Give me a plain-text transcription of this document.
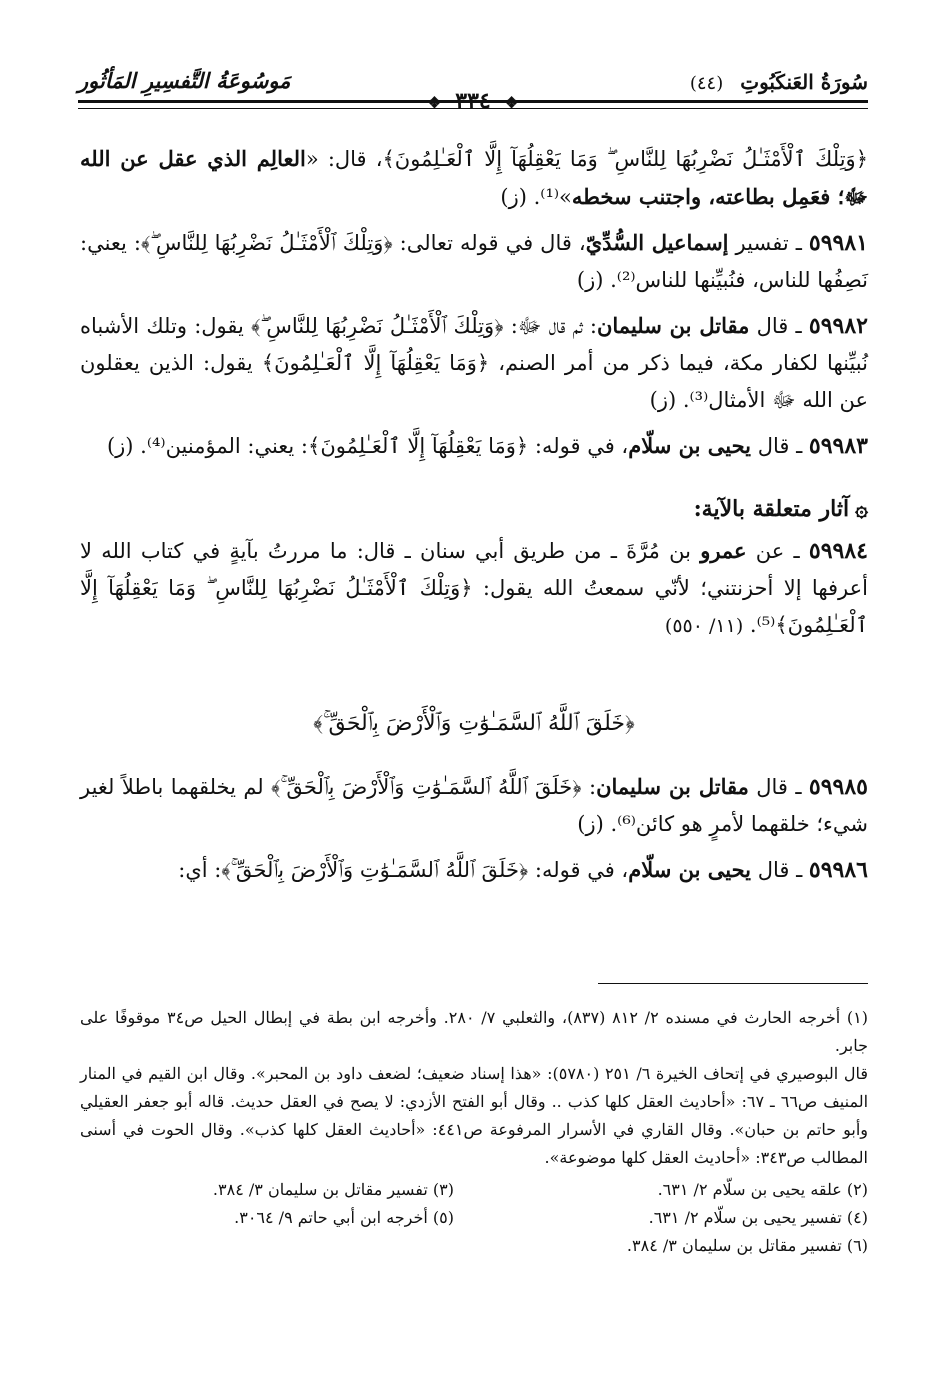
سُورَةُ العَنكَبُوتِ (٤٤)
❖ ٣٣٤ ❖
مَوسُوعَةُ التَّفسِيرِ المَأثُور

﴿وَتِلْكَ ٱلْأَمْثَـٰلُ نَضْرِبُهَا لِلنَّاسِ ۖ وَمَا يَعْقِلُهَآ إِلَّا ٱلْعَـٰلِمُونَ﴾، قال: «العالِم الذي عقل عن الله ﷻ؛ فعَمِل بطاعته، واجتنب سخطه»⁽¹⁾. (ز)

٥٩٩٨١ ـ تفسير إسماعيل السُّدِّيّ، قال في قوله تعالى: ﴿وَتِلْكَ ٱلْأَمْثَـٰلُ نَضْرِبُهَا لِلنَّاسِ ۖ﴾: يعني: نَصِفُها للناس، فنُبيِّنها للناس⁽²⁾. (ز)

٥٩٩٨٢ ـ قال مقاتل بن سليمان: ثم قال ﷻ: ﴿وَتِلْكَ ٱلْأَمْثَـٰلُ نَضْرِبُهَا لِلنَّاسِ ۖ﴾ يقول: وتلك الأشباه نُبيِّنها لكفار مكة، فيما ذكر من أمر الصنم، ﴿وَمَا يَعْقِلُهَآ إِلَّا ٱلْعَـٰلِمُونَ﴾ يقول: الذين يعقلون عن الله ﷻ الأمثال⁽³⁾. (ز)

٥٩٩٨٣ ـ قال يحيى بن سلّام، في قوله: ﴿وَمَا يَعْقِلُهَآ إِلَّا ٱلْعَـٰلِمُونَ﴾: يعني: المؤمنين⁽⁴⁾. (ز)

۞آثار متعلقة بالآية:

٥٩٩٨٤ ـ عن عمرو بن مُرَّةَ ـ من طريق أبي سنان ـ قال: ما مررتُ بآيةٍ في كتاب الله لا أعرفها إلا أحزنتني؛ لأنّي سمعتُ الله يقول: ﴿وَتِلْكَ ٱلْأَمْثَـٰلُ نَضْرِبُهَا لِلنَّاسِ ۖ وَمَا يَعْقِلُهَآ إِلَّا ٱلْعَـٰلِمُونَ﴾⁽⁵⁾. (١١/ ٥٥٠)

﴿خَلَقَ ٱللَّهُ ٱلسَّمَـٰوَٰتِ وَٱلْأَرْضَ بِٱلْحَقِّ ۚ﴾

٥٩٩٨٥ ـ قال مقاتل بن سليمان: ﴿خَلَقَ ٱللَّهُ ٱلسَّمَـٰوَٰتِ وَٱلْأَرْضَ بِٱلْحَقِّ ۚ﴾ لم يخلقهما باطلاً لغير شيء؛ خلقهما لأمرٍ هو كائن⁽⁶⁾. (ز)

٥٩٩٨٦ ـ قال يحيى بن سلّام، في قوله: ﴿خَلَقَ ٱللَّهُ ٱلسَّمَـٰوَٰتِ وَٱلْأَرْضَ بِٱلْحَقِّ ۚ﴾: أي:

(١) أخرجه الحارث في مسنده ٢/ ٨١٢ (٨٣٧)، والثعلبي ٧/ ٢٨٠. وأخرجه ابن بطة في إبطال الحيل ص٣٤ موقوفًا على جابر.

قال البوصيري في إتحاف الخيرة ٦/ ٢٥١ (٥٧٨٠): «هذا إسناد ضعيف؛ لضعف داود بن المحبر». وقال ابن القيم في المنار المنيف ص٦٦ ـ ٦٧: «أحاديث العقل كلها كذب .. وقال أبو الفتح الأزدي: لا يصح في العقل حديث. قاله أبو جعفر العقيلي وأبو حاتم بن حبان». وقال القاري في الأسرار المرفوعة ص٤٤١: «أحاديث العقل كلها كذب». وقال الحوت في أسنى المطالب ص٣٤٣: «أحاديث العقل كلها موضوعة».

(٢) علقه يحيى بن سلّام ٢/ ٦٣١.
(٣) تفسير مقاتل بن سليمان ٣/ ٣٨٤.
(٤) تفسير يحيى بن سلّام ٢/ ٦٣١.
(٥) أخرجه ابن أبي حاتم ٩/ ٣٠٦٤.
(٦) تفسير مقاتل بن سليمان ٣/ ٣٨٤.
